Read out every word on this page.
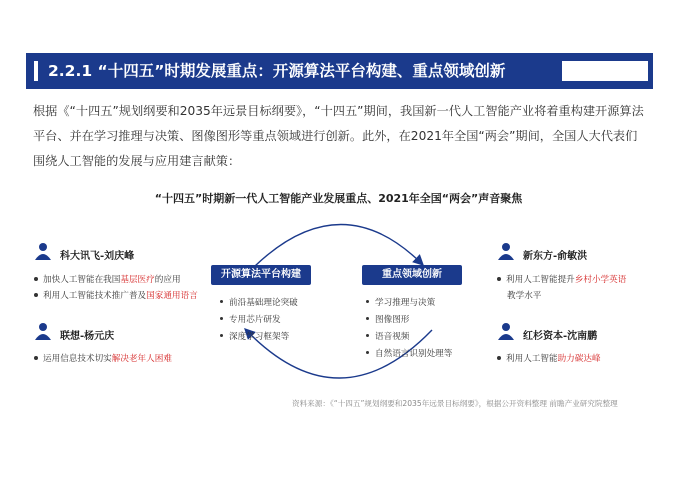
2.2.1 “十四五”时期发展重点：开源算法平台构建、重点领域创新
根据《“十四五”规划纲要和2035年远景目标纲要》，“十四五”期间，我国新一代人工智能产业将着重构建开源算法平台、并在学习推理与决策、图像图形等重点领域进行创新。此外，在2021年全国“两会”期间，全国人大代表们围绕人工智能的发展与应用建言献策：
“十四五”时期新一代人工智能产业发展重点、2021年全国“两会”声音聚焦
开源算法平台构建	重点领域创新
前沿基础理论突破
专用芯片研发
深度学习框架等
学习推理与决策
图像图形
语音视频
自然语言识别处理等
科大讯飞-刘庆峰
加快人工智能在我国基层医疗的应用
利用人工智能技术推广普及国家通用语言
联想-杨元庆
运用信息技术切实解决老年人困难
新东方-俞敏洪
利用人工智能提升乡村小学英语
教学水平
红杉资本-沈南鹏
利用人工智能助力碳达峰
资料来源：《“十四五”规划纲要和2035年远景目标纲要》，根据公开资料整理 前瞻产业研究院整理
